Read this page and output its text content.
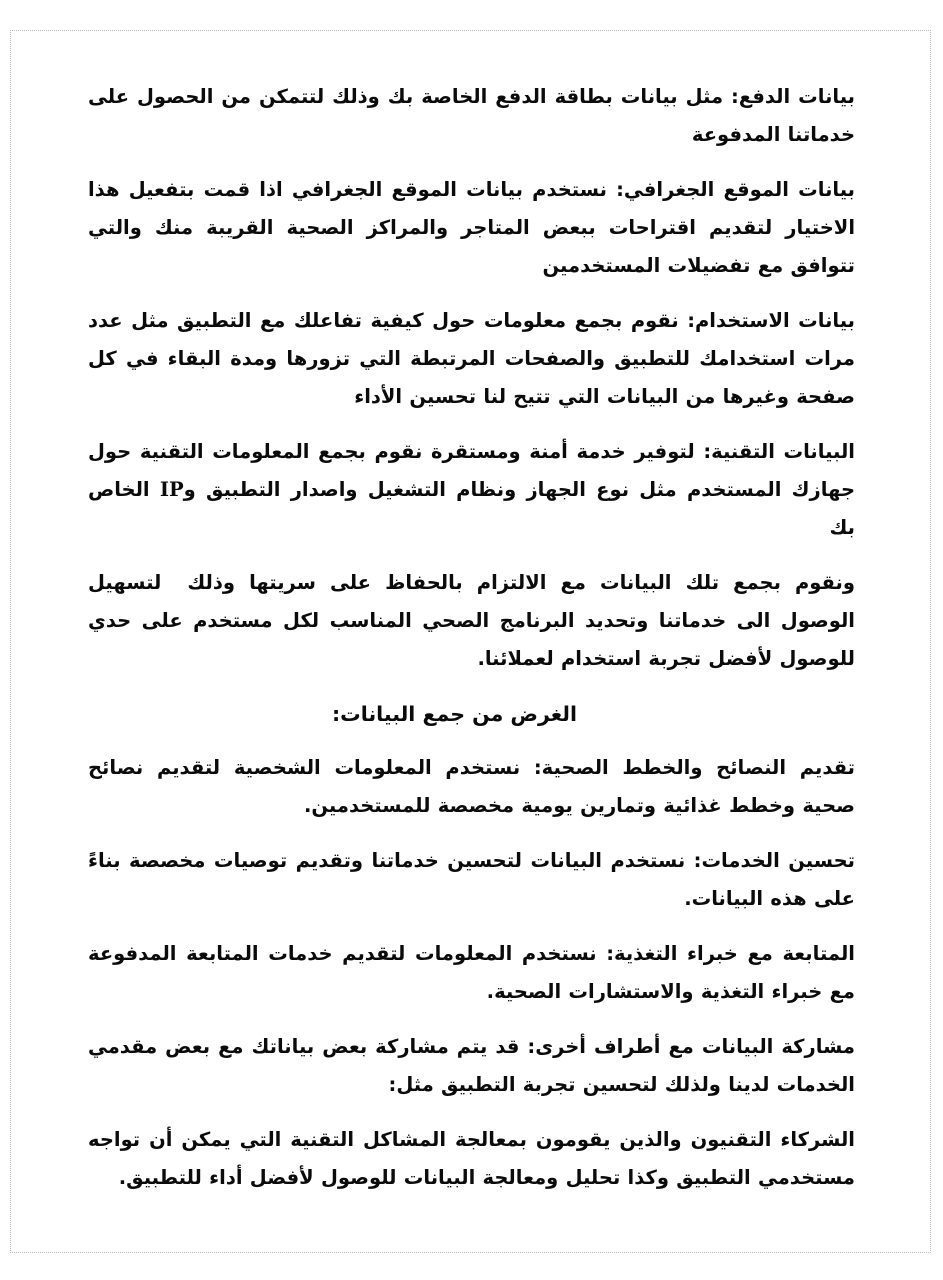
بيانات الدفع: مثل بيانات بطاقة الدفع الخاصة بك وذلك لتتمكن من الحصول على خدماتنا المدفوعة

بيانات الموقع الجغرافي: نستخدم بيانات الموقع الجغرافي اذا قمت بتفعيل هذا الاختيار لتقديم اقتراحات ببعض المتاجر والمراكز الصحية القريبة منك والتي تتوافق مع تفضيلات المستخدمين

بيانات الاستخدام: نقوم بجمع معلومات حول كيفية تفاعلك مع التطبيق مثل عدد مرات استخدامك للتطبيق والصفحات المرتبطة التي تزورها ومدة البقاء في كل صفحة وغيرها من البيانات التي تتيح لنا تحسين الأداء

البيانات التقنية: لتوفير خدمة أمنة ومستقرة نقوم بجمع المعلومات التقنية حول جهازك المستخدم مثل نوع الجهاز ونظام التشغيل واصدار التطبيق وIP الخاص بك

ونقوم بجمع تلك البيانات مع الالتزام بالحفاظ على سريتها وذلكلتسهيل الوصول الى خدماتنا وتحديد البرنامج الصحي المناسب لكل مستخدم على حدي للوصول لأفضل تجربة استخدام لعملائنا.

الغرض من جمع البيانات:

تقديم النصائح والخطط الصحية: نستخدم المعلومات الشخصية لتقديم نصائح صحية وخطط غذائية وتمارين يومية مخصصة للمستخدمين.

تحسين الخدمات: نستخدم البيانات لتحسين خدماتنا وتقديم توصيات مخصصة بناءً على هذه البيانات.

المتابعة مع خبراء التغذية: نستخدم المعلومات لتقديم خدمات المتابعة المدفوعة مع خبراء التغذية والاستشارات الصحية.

مشاركة البيانات مع أطراف أخرى: قد يتم مشاركة بعض بياناتك مع بعض مقدمي الخدمات لدينا ولذلك لتحسين تجربة التطبيق مثل:

الشركاء التقنيون والذين يقومون بمعالجة المشاكل التقنية التي يمكن أن تواجه مستخدمي التطبيق وكذا تحليل ومعالجة البيانات للوصول لأفضل أداء للتطبيق.
